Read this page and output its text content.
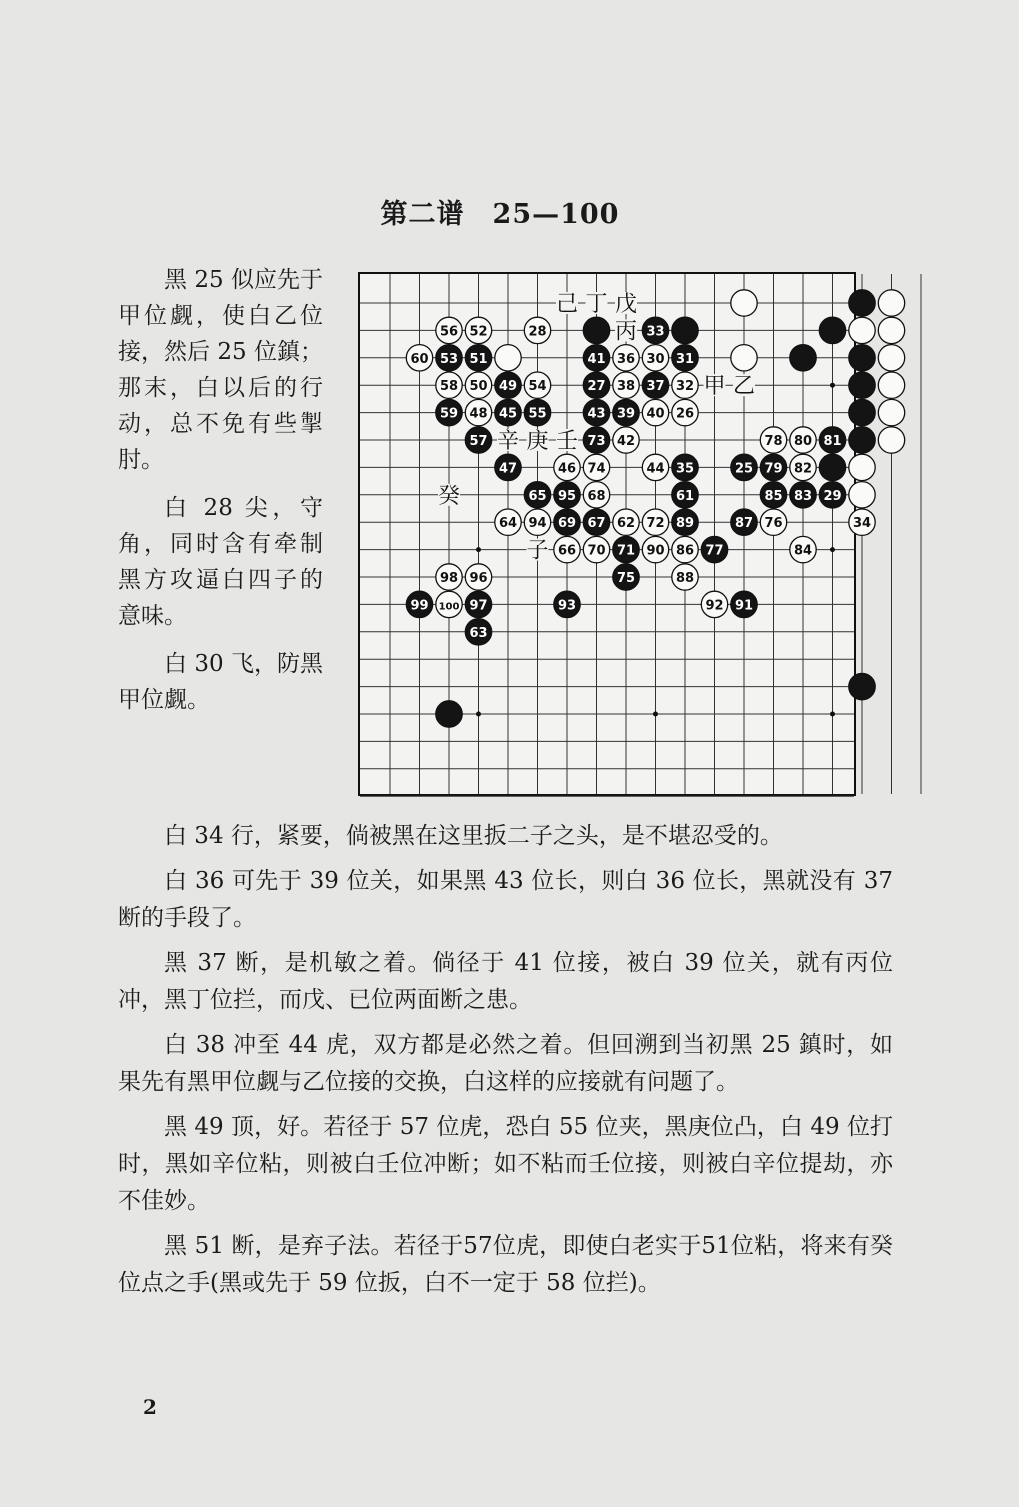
第二谱　25—100

黑 25 似应先于甲位觑，使白乙位接，然后 25 位鎮；那末，白以后的行动，总不免有些掣肘。

白 28 尖，守角，同时含有牵制黑方攻逼白四子的意味。

白 30 飞，防黑甲位觑。

60
56 52	28
53 51
58 50 49 54
59 48 45 55
57
47
33
41 36 30 31
27 38 37 32
43 39 40 26
73 42
46 74	44 35
65 95 68	61
64 94 69 67 62 72 89
66 70 71 90 86 77
75	88
98 96
99 100 97	93	92 91
63
78 80 81
25 79 82
85 83 29
87 76	34
84
己 丁 戊
丙
甲 乙
辛 庚 壬
癸
子

白 34 行，紧要，倘被黑在这里扳二子之头，是不堪忍受的。

白 36 可先于 39 位关，如果黑 43 位长，则白 36 位长，黑就没有 37 断的手段了。

黑 37 断，是机敏之着。倘径于 41 位接，被白 39 位关，就有丙位冲，黑丁位拦，而戊、已位两面断之患。

白 38 冲至 44 虎，双方都是必然之着。但回溯到当初黑 25 鎮时，如果先有黑甲位觑与乙位接的交换，白这样的应接就有问题了。

黑 49 顶，好。若径于 57 位虎，恐白 55 位夹，黑庚位凸，白 49 位打时，黑如辛位粘，则被白壬位冲断；如不粘而壬位接，则被白辛位提劫，亦不佳妙。

黑 51 断，是弃子法。若径于57位虎，即使白老实于51位粘，将来有癸位点之手(黑或先于 59 位扳，白不一定于 58 位拦)。

2
